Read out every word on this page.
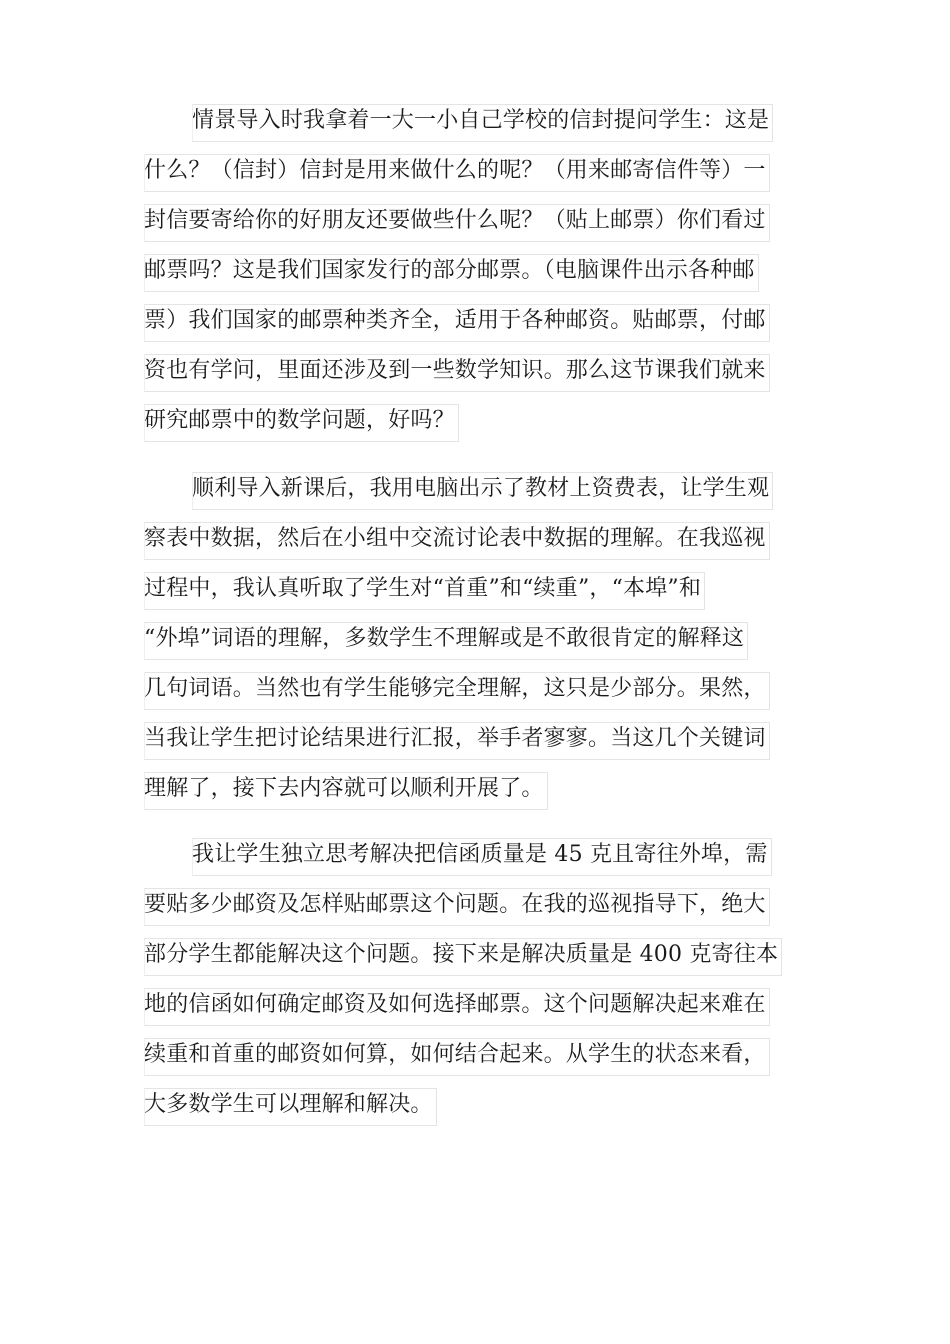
情景导入时我拿着一大一小自己学校的信封提问学生：这是
什么？（信封）信封是用来做什么的呢？（用来邮寄信件等）一
封信要寄给你的好朋友还要做些什么呢？（贴上邮票）你们看过
邮票吗？这是我们国家发行的部分邮票。（电脑课件出示各种邮
票）我们国家的邮票种类齐全，适用于各种邮资。贴邮票，付邮
资也有学问，里面还涉及到一些数学知识。那么这节课我们就来
研究邮票中的数学问题，好吗？
顺利导入新课后，我用电脑出示了教材上资费表，让学生观
察表中数据，然后在小组中交流讨论表中数据的理解。在我巡视
过程中，我认真听取了学生对“首重”和“续重”，“本埠”和
“外埠”词语的理解，多数学生不理解或是不敢很肯定的解释这
几句词语。当然也有学生能够完全理解，这只是少部分。果然，
当我让学生把讨论结果进行汇报，举手者寥寥。当这几个关键词
理解了，接下去内容就可以顺利开展了。
我让学生独立思考解决把信函质量是 45 克且寄往外埠，需
要贴多少邮资及怎样贴邮票这个问题。在我的巡视指导下，绝大
部分学生都能解决这个问题。接下来是解决质量是 400 克寄往本
地的信函如何确定邮资及如何选择邮票。这个问题解决起来难在
续重和首重的邮资如何算，如何结合起来。从学生的状态来看，
大多数学生可以理解和解决。
